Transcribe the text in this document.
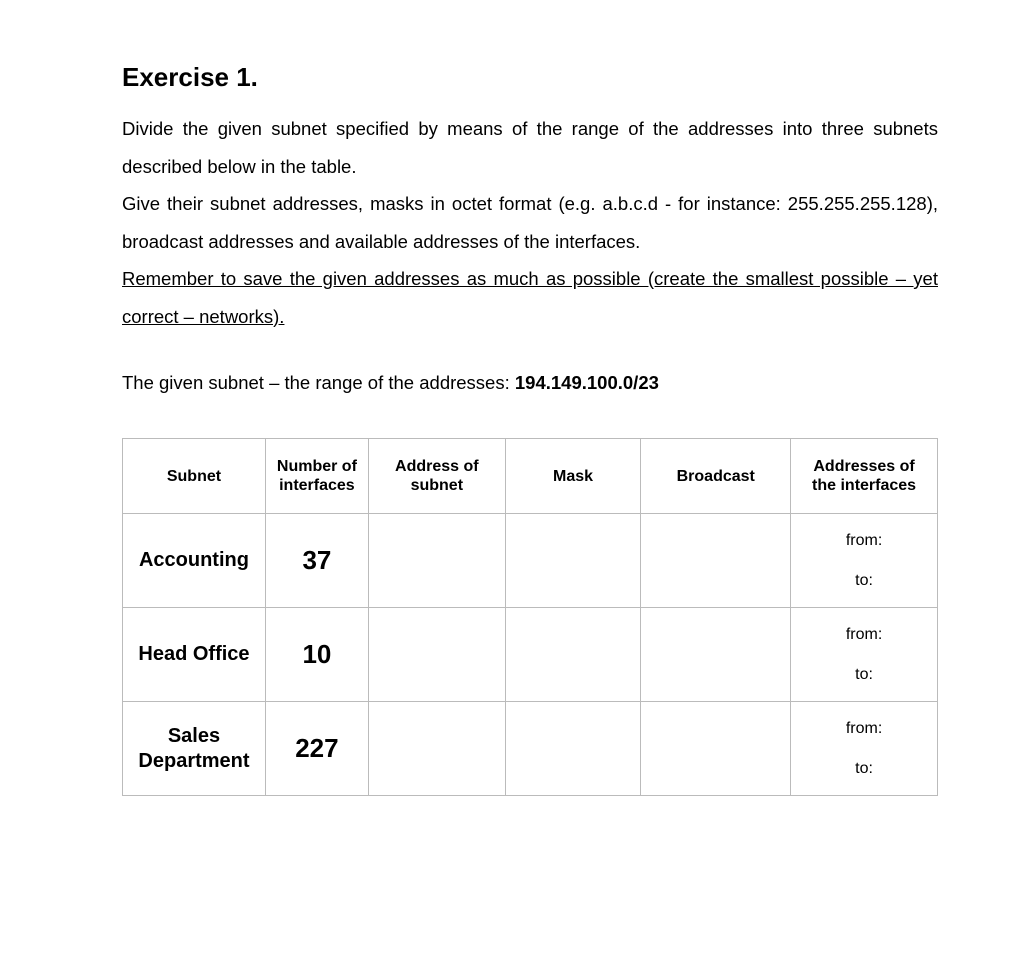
Exercise 1.

Divide the given subnet specified by means of the range of the addresses into three subnets described below in the table.

Give their subnet addresses, masks in octet format (e.g. a.b.c.d - for instance: 255.255.255.128), broadcast addresses and available addresses of the interfaces.

Remember to save the given addresses as much as possible (create the smallest possible – yet correct – networks).

The given subnet – the range of the addresses: 194.149.100.0/23
Subnet	Number of interfaces	Address of subnet	Mask	Broadcast	Addresses of the interfaces
Accounting	37				from:
to:

Head Office	10				from:
to:

Sales Department	227				from:
to:
